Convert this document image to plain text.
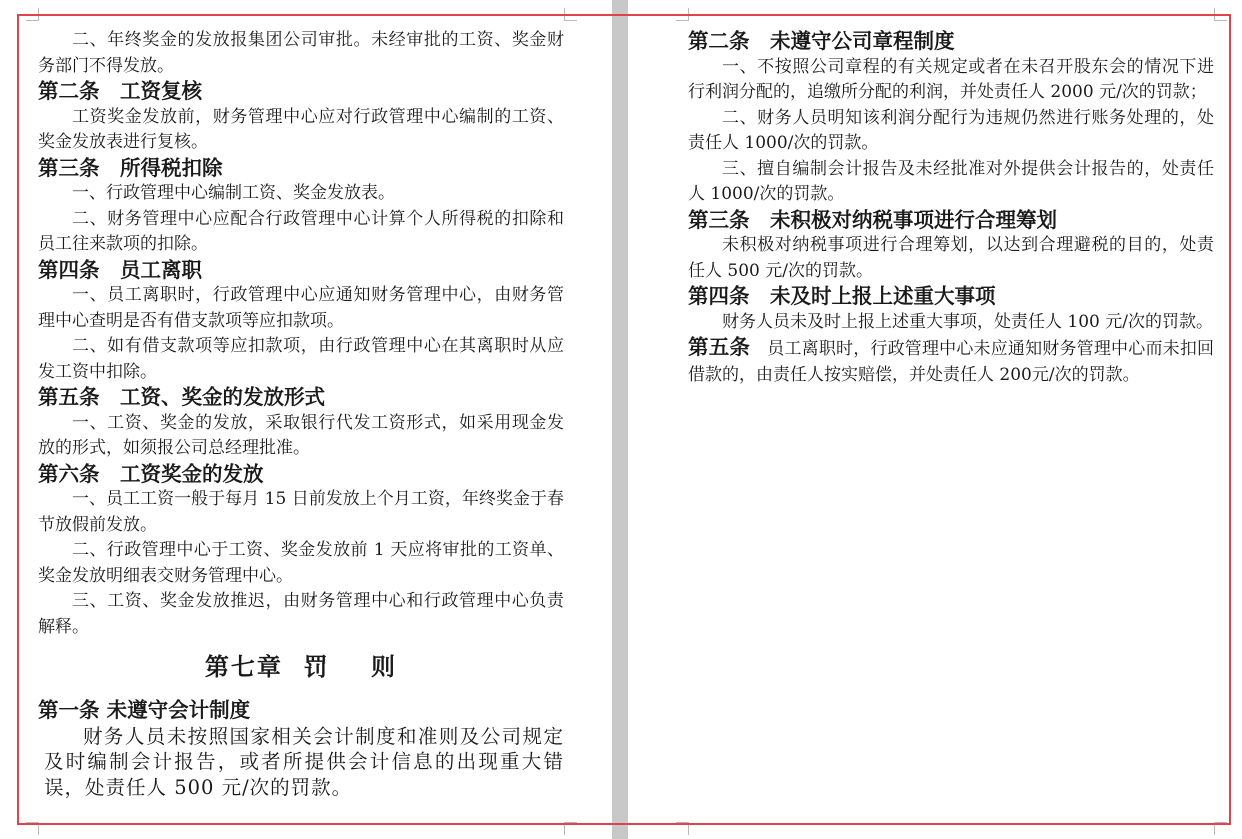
二、年终奖金的发放报集团公司审批。未经审批的工资、奖金财务部门不得发放。

第二条　工资复核

工资奖金发放前，财务管理中心应对行政管理中心编制的工资、奖金发放表进行复核。

第三条　所得税扣除

一、行政管理中心编制工资、奖金发放表。

二、财务管理中心应配合行政管理中心计算个人所得税的扣除和员工往来款项的扣除。

第四条　员工离职

一、员工离职时，行政管理中心应通知财务管理中心，由财务管理中心查明是否有借支款项等应扣款项。

二、如有借支款项等应扣款项，由行政管理中心在其离职时从应发工资中扣除。

第五条　工资、奖金的发放形式

一、工资、奖金的发放，采取银行代发工资形式，如采用现金发放的形式，如须报公司总经理批准。

第六条　工资奖金的发放

一、员工工资一般于每月 15 日前发放上个月工资，年终奖金于春节放假前发放。

二、行政管理中心于工资、奖金发放前 1 天应将审批的工资单、奖金发放明细表交财务管理中心。

三、工资、奖金发放推迟，由财务管理中心和行政管理中心负责解释。

第七章  罚    则
第一条 未遵守会计制度

财务人员未按照国家相关会计制度和准则及公司规定及时编制会计报告，或者所提供会计信息的出现重大错误，处责任人 500 元/次的罚款。

第二条　未遵守公司章程制度

一、不按照公司章程的有关规定或者在未召开股东会的情况下进行利润分配的，追缴所分配的利润，并处责任人 2000 元/次的罚款；

二、财务人员明知该利润分配行为违规仍然进行账务处理的，处责任人 1000/次的罚款。

三、擅自编制会计报告及未经批准对外提供会计报告的，处责任人 1000/次的罚款。

第三条　未积极对纳税事项进行合理筹划

未积极对纳税事项进行合理筹划，以达到合理避税的目的，处责任人 500 元/次的罚款。

第四条　未及时上报上述重大事项

财务人员未及时上报上述重大事项，处责任人 100 元/次的罚款。

第五条　员工离职时，行政管理中心未应通知财务管理中心而未扣回借款的，由责任人按实赔偿，并处责任人 200元/次的罚款。
